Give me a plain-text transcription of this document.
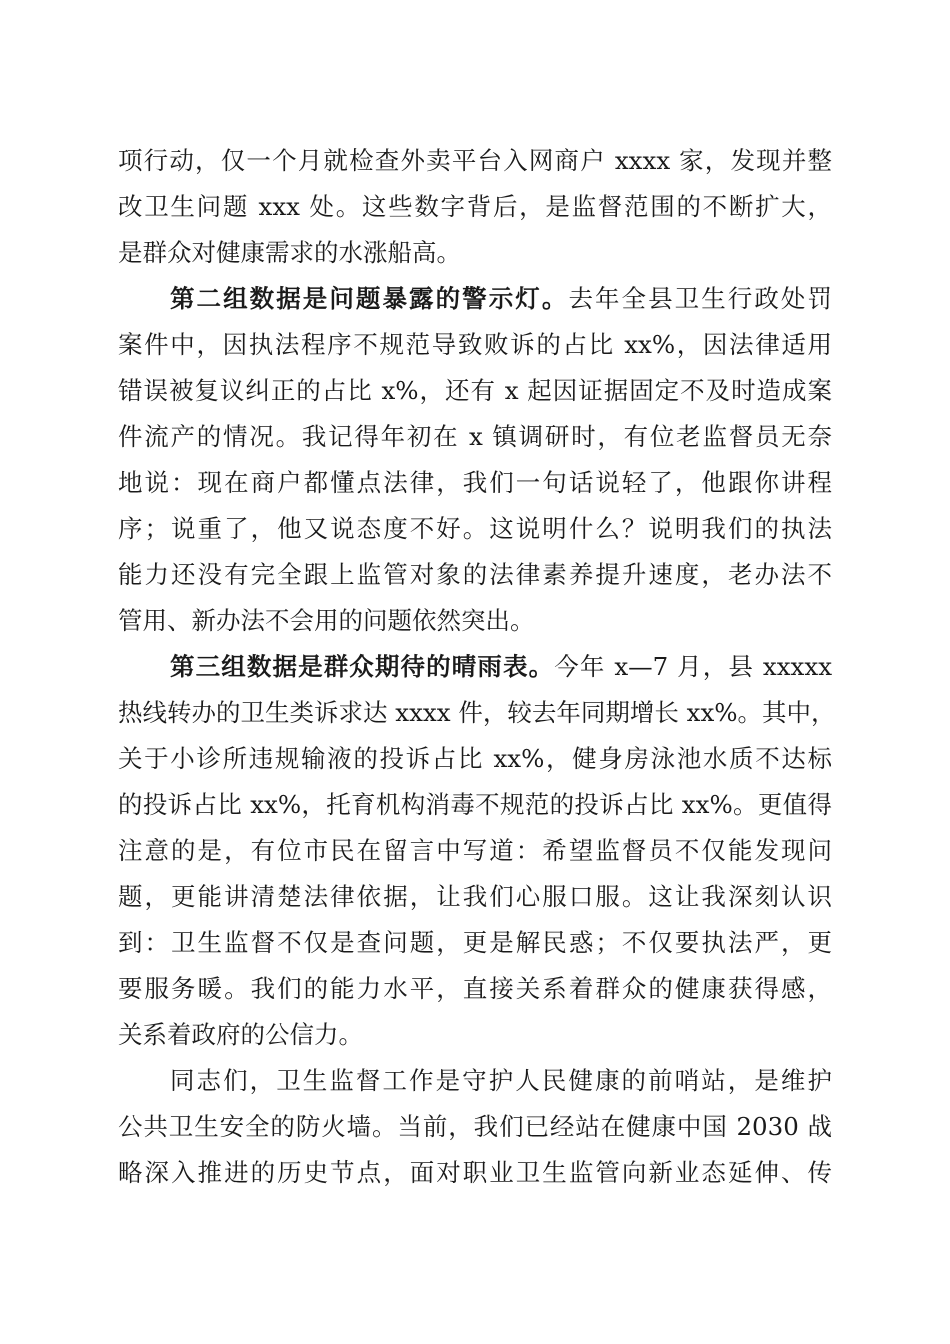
项行动，仅一个月就检查外卖平台入网商户 xxxx 家，发现并整
改卫生问题 xxx 处。这些数字背后，是监督范围的不断扩大，
是群众对健康需求的水涨船高。
第二组数据是问题暴露的警示灯。去年全县卫生行政处罚
案件中，因执法程序不规范导致败诉的占比 xx%，因法律适用
错误被复议纠正的占比 x%，还有 x 起因证据固定不及时造成案
件流产的情况。我记得年初在 x 镇调研时，有位老监督员无奈
地说：现在商户都懂点法律，我们一句话说轻了，他跟你讲程
序；说重了，他又说态度不好。这说明什么？说明我们的执法
能力还没有完全跟上监管对象的法律素养提升速度，老办法不
管用、新办法不会用的问题依然突出。
第三组数据是群众期待的晴雨表。今年 x—7 月，县 xxxxx
热线转办的卫生类诉求达 xxxx 件，较去年同期增长 xx%。其中，
关于小诊所违规输液的投诉占比 xx%，健身房泳池水质不达标
的投诉占比 xx%，托育机构消毒不规范的投诉占比 xx%。更值得
注意的是，有位市民在留言中写道：希望监督员不仅能发现问
题，更能讲清楚法律依据，让我们心服口服。这让我深刻认识
到：卫生监督不仅是查问题，更是解民惑；不仅要执法严，更
要服务暖。我们的能力水平，直接关系着群众的健康获得感，
关系着政府的公信力。
同志们，卫生监督工作是守护人民健康的前哨站，是维护
公共卫生安全的防火墙。当前，我们已经站在健康中国 2030 战
略深入推进的历史节点，面对职业卫生监管向新业态延伸、传
